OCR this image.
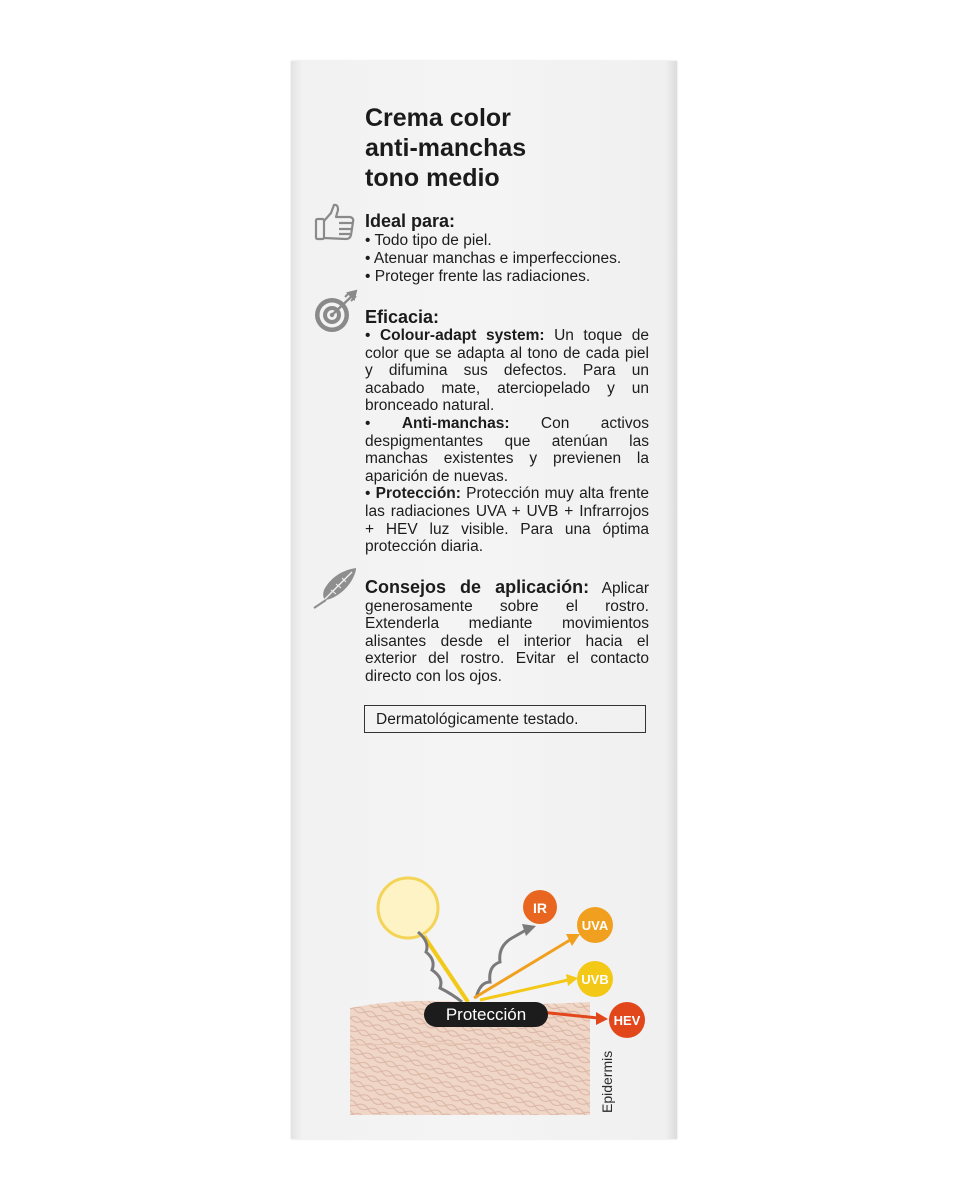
Crema color
anti-manchas
tono medio
Ideal para:
• Todo tipo de piel.
• Atenuar manchas e imperfecciones.
• Proteger frente las radiaciones.
Eficacia:

• Colour-adapt system: Un toque de color que se adapta al tono de cada piel y difumina sus defectos. Para un acabado mate, aterciopelado y un bronceado natural.

• Anti-manchas: Con activos despigmentantes que atenúan las manchas existentes y previenen la aparición de nuevas.

• Protección: Protección muy alta frente las radiaciones UVA + UVB + Infrarrojos + HEV luz visible. Para una óptima protección diaria.

Consejos de aplicación: Aplicar generosamente sobre el rostro. Extenderla mediante movimientos alisantes desde el interior hacia el exterior del rostro. Evitar el contacto directo con los ojos.

Dermatológicamente testado.
IR
UVA
UVB
HEV
Protección
Epidermis
